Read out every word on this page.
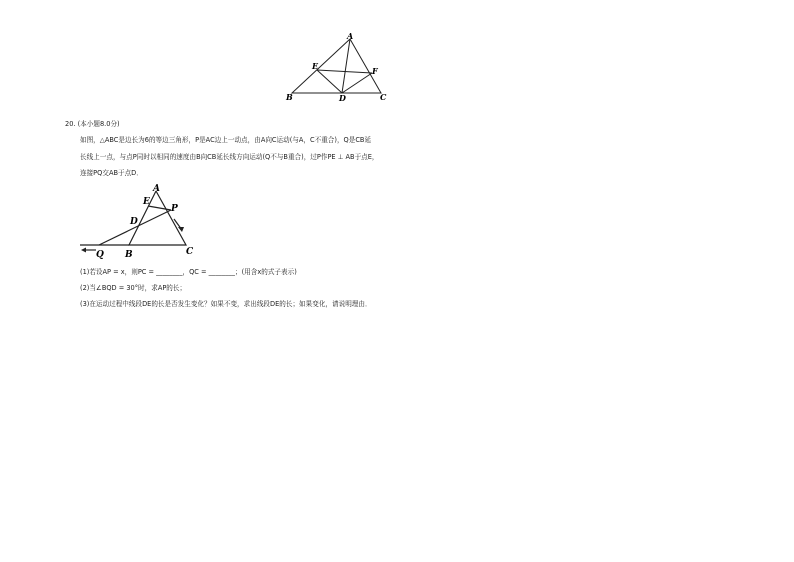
A
B	C
D
E	F
20. (本小题8.0分)
如图，△ABC是边长为6的等边三角形，P是AC边上一动点，由A向C运动(与A，C不重合)，Q是CB延
长线上一点，与点P同时以相同的速度由B向CB延长线方向运动(Q不与B重合)，过P作PE ⊥ AB于点E，
连接PQ交AB于点D．
A
E
P
D
Q B	C
(1)若设AP = x，则PC = ________，QC = ________；(用含x的式子表示)
(2)当∠BQD = 30°时，求AP的长；
(3)在运动过程中线段DE的长是否发生变化？如果不变，求出线段DE的长；如果变化，请说明理由．
